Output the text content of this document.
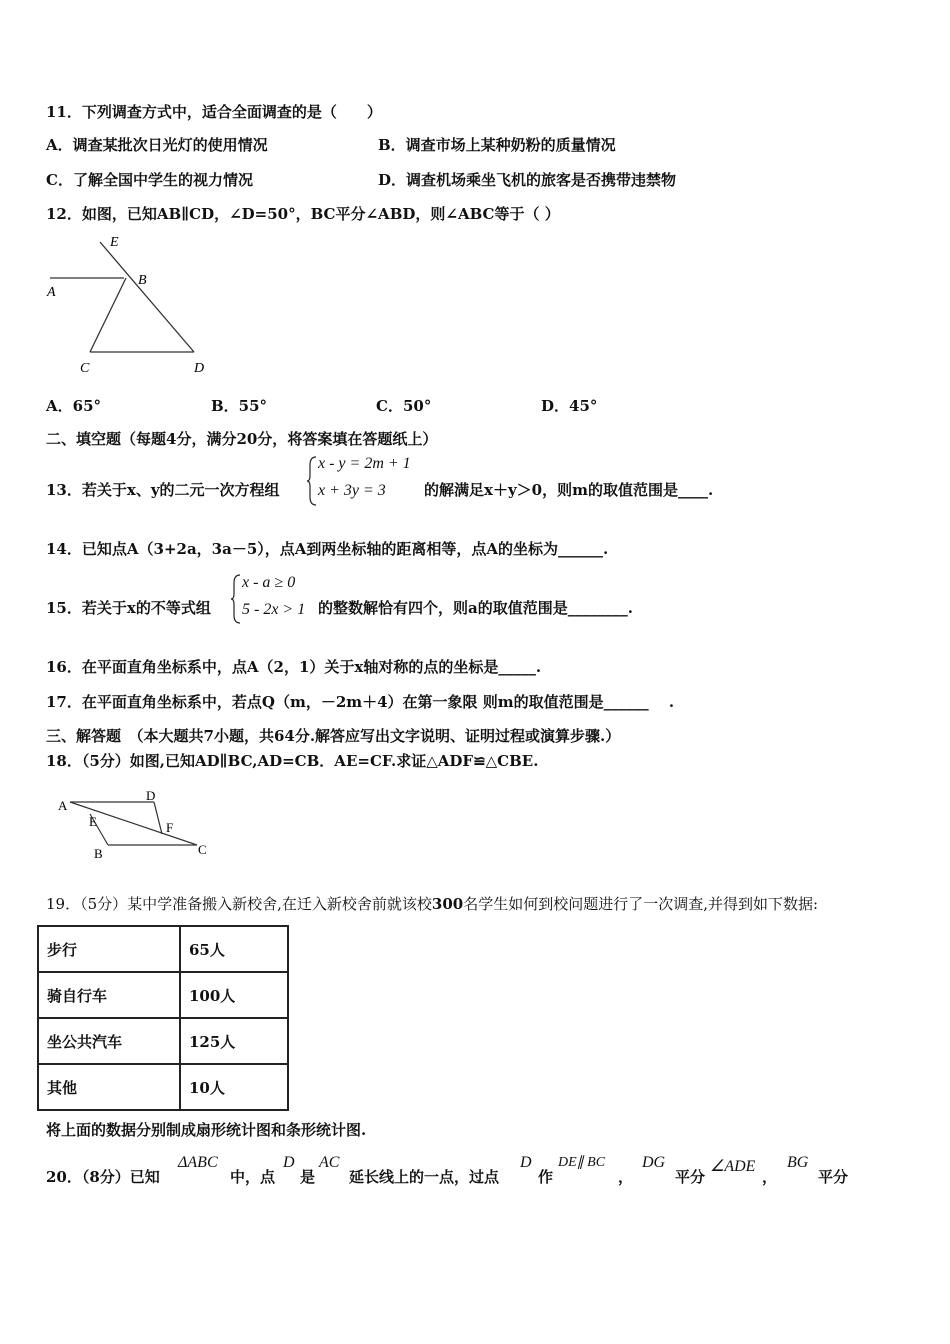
11．下列调查方式中，适合全面调查的是（　　）
A．调查某批次日光灯的使用情况	B．调查市场上某种奶粉的质量情况
C．了解全国中学生的视力情况	D．调查机场乘坐飞机的旅客是否携带违禁物
12．如图，已知AB∥CD，∠D=50°，BC平分∠ABD，则∠ABC等于（ ）
E
A
B
C	D
A．65°	B．55°	C．50°	D．45°
二、填空题（每题4分，满分20分，将答案填在答题纸上）
13．若关于x、y的二元一次方程组
x - y = 2m + 1
x + 3y = 3	的解满足x＋y＞0，则m的取值范围是____.
14．已知点A（3+2a，3a－5），点A到两坐标轴的距离相等，点A的坐标为______.
15．若关于x的不等式组
x - a ≥ 0
5 - 2x > 1 的整数解恰有四个，则a的取值范围是________.
16．在平面直角坐标系中，点A（2，1）关于x轴对称的点的坐标是_____.
17．在平面直角坐标系中，若点Q（m，－2m＋4）在第一象限 则m的取值范围是______　 .
三、解答题　（本大题共7小题，共64分.解答应写出文字说明、证明过程或演算步骤.）
18．（5分）如图,已知AD∥BC,AD=CB．AE=CF.求证△ADF≌△CBE.
A
D
E	F
B	C
19．（5分）某中学准备搬入新校舍,在迁入新校舍前就该校300名学生如何到校问题进行了一次调查,并得到如下数据:
步行	65人
骑自行车	100人
坐公共汽车	125人
其他	10人
将上面的数据分别制成扇形统计图和条形统计图.
20．（8分）已知
ΔABC
中，点
D
是
AC
延长线上的一点，过点
D
作
DE∥ BC
，
DG
平分
∠ADE
，
BG
平分
